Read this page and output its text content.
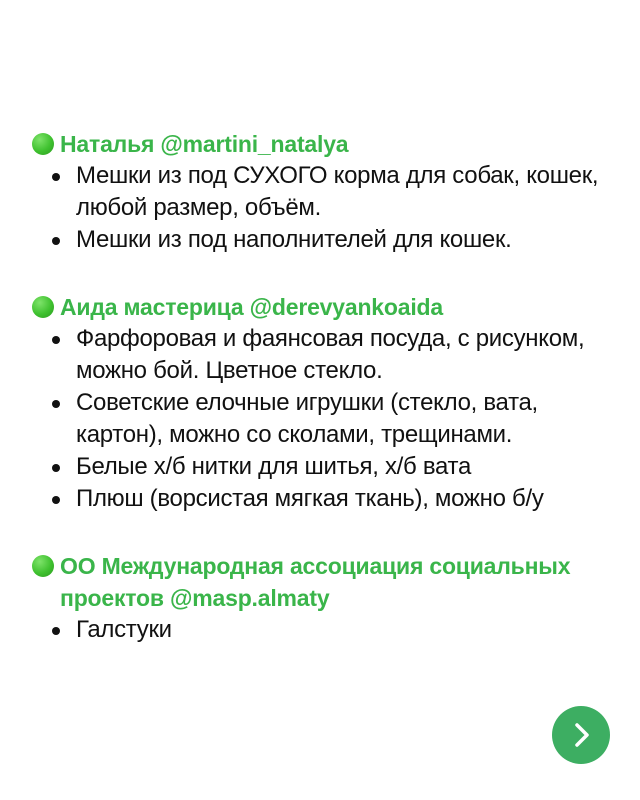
Наталья @martini_natalya
Мешки из под СУХОГО корма для собак, кошек, любой размер, объём.
Мешки из под наполнителей для кошек.
Аида мастерица @derevyankoaida
Фарфоровая и фаянсовая посуда, с рисунком, можно бой. Цветное стекло.
Советские елочные игрушки (стекло, вата, картон), можно со сколами, трещинами.
Белые х/б нитки для шитья, х/б вата
Плюш (ворсистая мягкая ткань), можно б/у
ОО Международная ассоциация социальных проектов @masp.almaty
Галстуки
